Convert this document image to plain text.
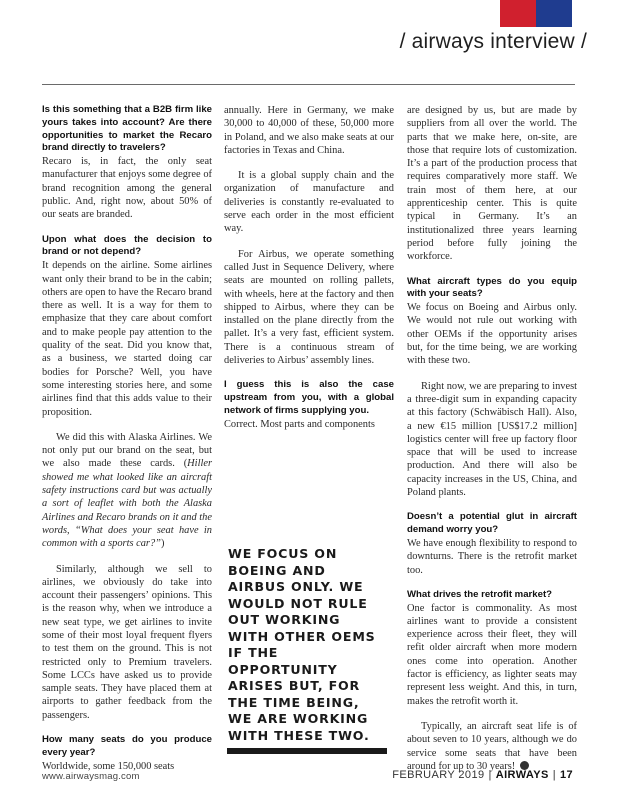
/ airways interview /

Is this something that a B2B firm like yours takes into account? Are there opportunities to market the Recaro brand directly to travelers?
Recaro is, in fact, the only seat manufacturer that enjoys some degree of brand recognition among the general public. And, right now, about 50% of our seats are branded.

Upon what does the decision to brand or not depend?
It depends on the airline. Some airlines want only their brand to be in the cabin; others are open to have the Recaro brand there as well. It is a way for them to emphasize that they care about comfort and to make people pay attention to the quality of the seat. Did you know that, as a business, we started doing car bodies for Porsche? Well, you have some interesting stories here, and some airlines find that this adds value to their proposition.

We did this with Alaska Airlines. We not only put our brand on the seat, but we also made these cards. (Hiller showed me what looked like an aircraft safety instructions card but was actually a sort of leaflet with both the Alaska Airlines and Recaro brands on it and the words, “What does your seat have in common with a sports car?”)

Similarly, although we sell to airlines, we obviously do take into account their passengers’ opinions. This is the reason why, when we introduce a new seat type, we get airlines to invite some of their most loyal frequent flyers to test them on the ground. This is not restricted only to Premium travelers. Some LCCs have asked us to provide sample seats. They have placed them at airports to gather feedback from the passengers.

How many seats do you produce every year?
Worldwide, some 150,000 seats

annually. Here in Germany, we make 30,000 to 40,000 of these, 50,000 more in Poland, and we also make seats at our factories in Texas and China.

It is a global supply chain and the organization of manufacture and deliveries is constantly re-evaluated to serve each order in the most efficient way.

For Airbus, we operate something called Just in Sequence Delivery, where seats are mounted on rolling pallets, with wheels, here at the factory and then shipped to Airbus, where they can be installed on the plane directly from the pallet. It’s a very fast, efficient system. There is a continuous stream of deliveries to Airbus’ assembly lines.

I guess this is also the case upstream from you, with a global network of firms supplying you.
Correct. Most parts and components

WE FOCUS ON BOEING AND AIRBUS ONLY. WE WOULD NOT RULE OUT WORKING WITH OTHER OEMS IF THE OPPORTUNITY ARISES BUT, FOR THE TIME BEING, WE ARE WORKING WITH THESE TWO.

are designed by us, but are made by suppliers from all over the world. The parts that we make here, on-site, are those that require lots of customization. It’s a part of the production process that requires comparatively more staff. We train most of them here, at our apprenticeship center. This is quite typical in Germany. It’s an institutionalized three years learning period before fully joining the workforce.

What aircraft types do you equip with your seats?
We focus on Boeing and Airbus only. We would not rule out working with other OEMs if the opportunity arises but, for the time being, we are working with these two.

Right now, we are preparing to invest a three-digit sum in expanding capacity at this factory (Schwäbisch Hall). Also, a new €15 million [US$17.2 million] logistics center will free up factory floor space that will be used to increase production. And there will also be capacity increases in the US, China, and Poland plants.

Doesn’t a potential glut in aircraft demand worry you?
We have enough flexibility to respond to downturns. There is the retrofit market too.

What drives the retrofit market?
One factor is commonality. As most airlines want to provide a consistent experience across their fleet, they will refit older aircraft when more modern ones come into operation. Another factor is efficiency, as lighter seats may represent less weight. And this, in turn, makes the retrofit worth it.

Typically, an aircraft seat life is of about seven to 10 years, although we do service some seats that have been around for up to 30 years!

www.airwaysmag.com	FEBRUARY 2019 | AIRWAYS | 17
